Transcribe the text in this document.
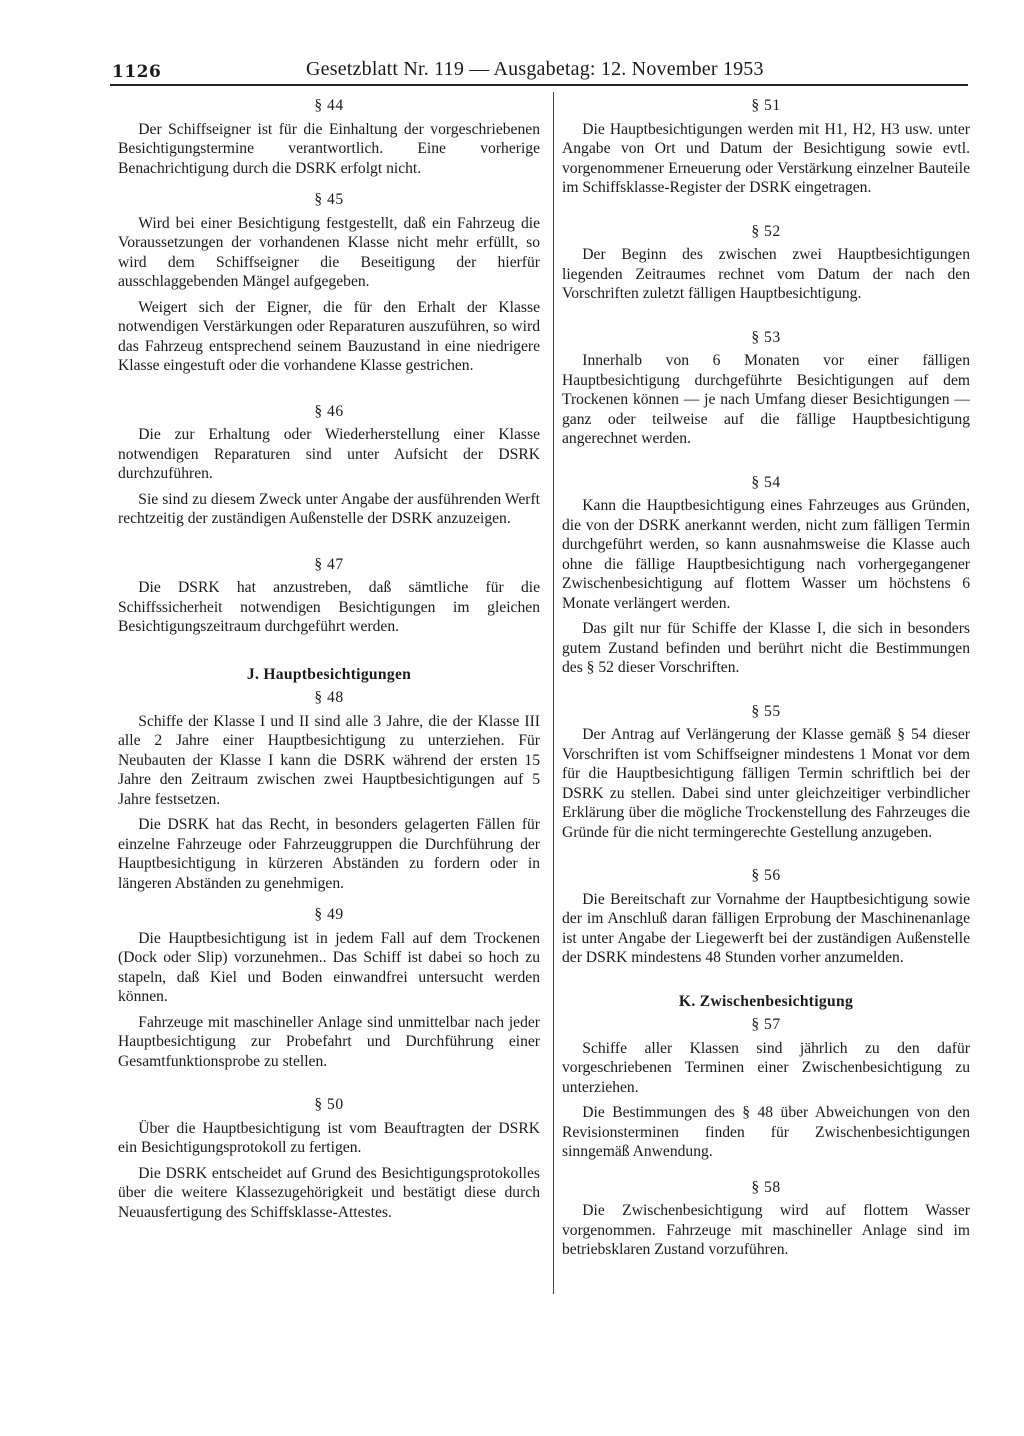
1126	Gesetzblatt Nr. 119 — Ausgabetag: 12. November 1953
§ 44

Der Schiffseigner ist für die Einhaltung der vorgeschriebenen Besichtigungstermine verantwortlich. Eine vorherige Benachrichtigung durch die DSRK erfolgt nicht.

§ 45

Wird bei einer Besichtigung festgestellt, daß ein Fahrzeug die Voraussetzungen der vorhandenen Klasse nicht mehr erfüllt, so wird dem Schiffseigner die Beseitigung der hierfür ausschlaggebenden Mängel aufgegeben.

Weigert sich der Eigner, die für den Erhalt der Klasse notwendigen Verstärkungen oder Reparaturen auszuführen, so wird das Fahrzeug entsprechend seinem Bauzustand in eine niedrigere Klasse eingestuft oder die vorhandene Klasse gestrichen.

§ 46

Die zur Erhaltung oder Wiederherstellung einer Klasse notwendigen Reparaturen sind unter Aufsicht der DSRK durchzuführen.

Sie sind zu diesem Zweck unter Angabe der ausführenden Werft rechtzeitig der zuständigen Außenstelle der DSRK anzuzeigen.

§ 47

Die DSRK hat anzustreben, daß sämtliche für die Schiffssicherheit notwendigen Besichtigungen im gleichen Besichtigungszeitraum durchgeführt werden.

J. Hauptbesichtigungen
§ 48

Schiffe der Klasse I und II sind alle 3 Jahre, die der Klasse III alle 2 Jahre einer Hauptbesichtigung zu unterziehen. Für Neubauten der Klasse I kann die DSRK während der ersten 15 Jahre den Zeitraum zwischen zwei Hauptbesichtigungen auf 5 Jahre festsetzen.

Die DSRK hat das Recht, in besonders gelagerten Fällen für einzelne Fahrzeuge oder Fahrzeuggruppen die Durchführung der Hauptbesichtigung in kürzeren Abständen zu fordern oder in längeren Abständen zu genehmigen.

§ 49

Die Hauptbesichtigung ist in jedem Fall auf dem Trockenen (Dock oder Slip) vorzunehmen.. Das Schiff ist dabei so hoch zu stapeln, daß Kiel und Boden einwandfrei untersucht werden können.

Fahrzeuge mit maschineller Anlage sind unmittelbar nach jeder Hauptbesichtigung zur Probefahrt und Durchführung einer Gesamtfunktionsprobe zu stellen.

§ 50

Über die Hauptbesichtigung ist vom Beauftragten der DSRK ein Besichtigungsprotokoll zu fertigen.

Die DSRK entscheidet auf Grund des Besichtigungsprotokolles über die weitere Klassezugehörigkeit und bestätigt diese durch Neuausfertigung des Schiffsklasse-Attestes.

§ 51

Die Hauptbesichtigungen werden mit H1, H2, H3 usw. unter Angabe von Ort und Datum der Besichtigung sowie evtl. vorgenommener Erneuerung oder Verstärkung einzelner Bauteile im Schiffsklasse-Register der DSRK eingetragen.

§ 52

Der Beginn des zwischen zwei Hauptbesichtigungen liegenden Zeitraumes rechnet vom Datum der nach den Vorschriften zuletzt fälligen Hauptbesichtigung.

§ 53

Innerhalb von 6 Monaten vor einer fälligen Hauptbesichtigung durchgeführte Besichtigungen auf dem Trockenen können — je nach Umfang dieser Besichtigungen — ganz oder teilweise auf die fällige Hauptbesichtigung angerechnet werden.

§ 54

Kann die Hauptbesichtigung eines Fahrzeuges aus Gründen, die von der DSRK anerkannt werden, nicht zum fälligen Termin durchgeführt werden, so kann ausnahmsweise die Klasse auch ohne die fällige Hauptbesichtigung nach vorhergegangener Zwischenbesichtigung auf flottem Wasser um höchstens 6 Monate verlängert werden.

Das gilt nur für Schiffe der Klasse I, die sich in besonders gutem Zustand befinden und berührt nicht die Bestimmungen des § 52 dieser Vorschriften.

§ 55

Der Antrag auf Verlängerung der Klasse gemäß § 54 dieser Vorschriften ist vom Schiffseigner mindestens 1 Monat vor dem für die Hauptbesichtigung fälligen Termin schriftlich bei der DSRK zu stellen. Dabei sind unter gleichzeitiger verbindlicher Erklärung über die mögliche Trockenstellung des Fahrzeuges die Gründe für die nicht termingerechte Gestellung anzugeben.

§ 56

Die Bereitschaft zur Vornahme der Hauptbesichtigung sowie der im Anschluß daran fälligen Erprobung der Maschinenanlage ist unter Angabe der Liegewerft bei der zuständigen Außenstelle der DSRK mindestens 48 Stunden vorher anzumelden.

K. Zwischenbesichtigung
§ 57

Schiffe aller Klassen sind jährlich zu den dafür vorgeschriebenen Terminen einer Zwischenbesichtigung zu unterziehen.

Die Bestimmungen des § 48 über Abweichungen von den Revisionsterminen finden für Zwischenbesichtigungen sinngemäß Anwendung.

§ 58

Die Zwischenbesichtigung wird auf flottem Wasser vorgenommen. Fahrzeuge mit maschineller Anlage sind im betriebsklaren Zustand vorzuführen.
